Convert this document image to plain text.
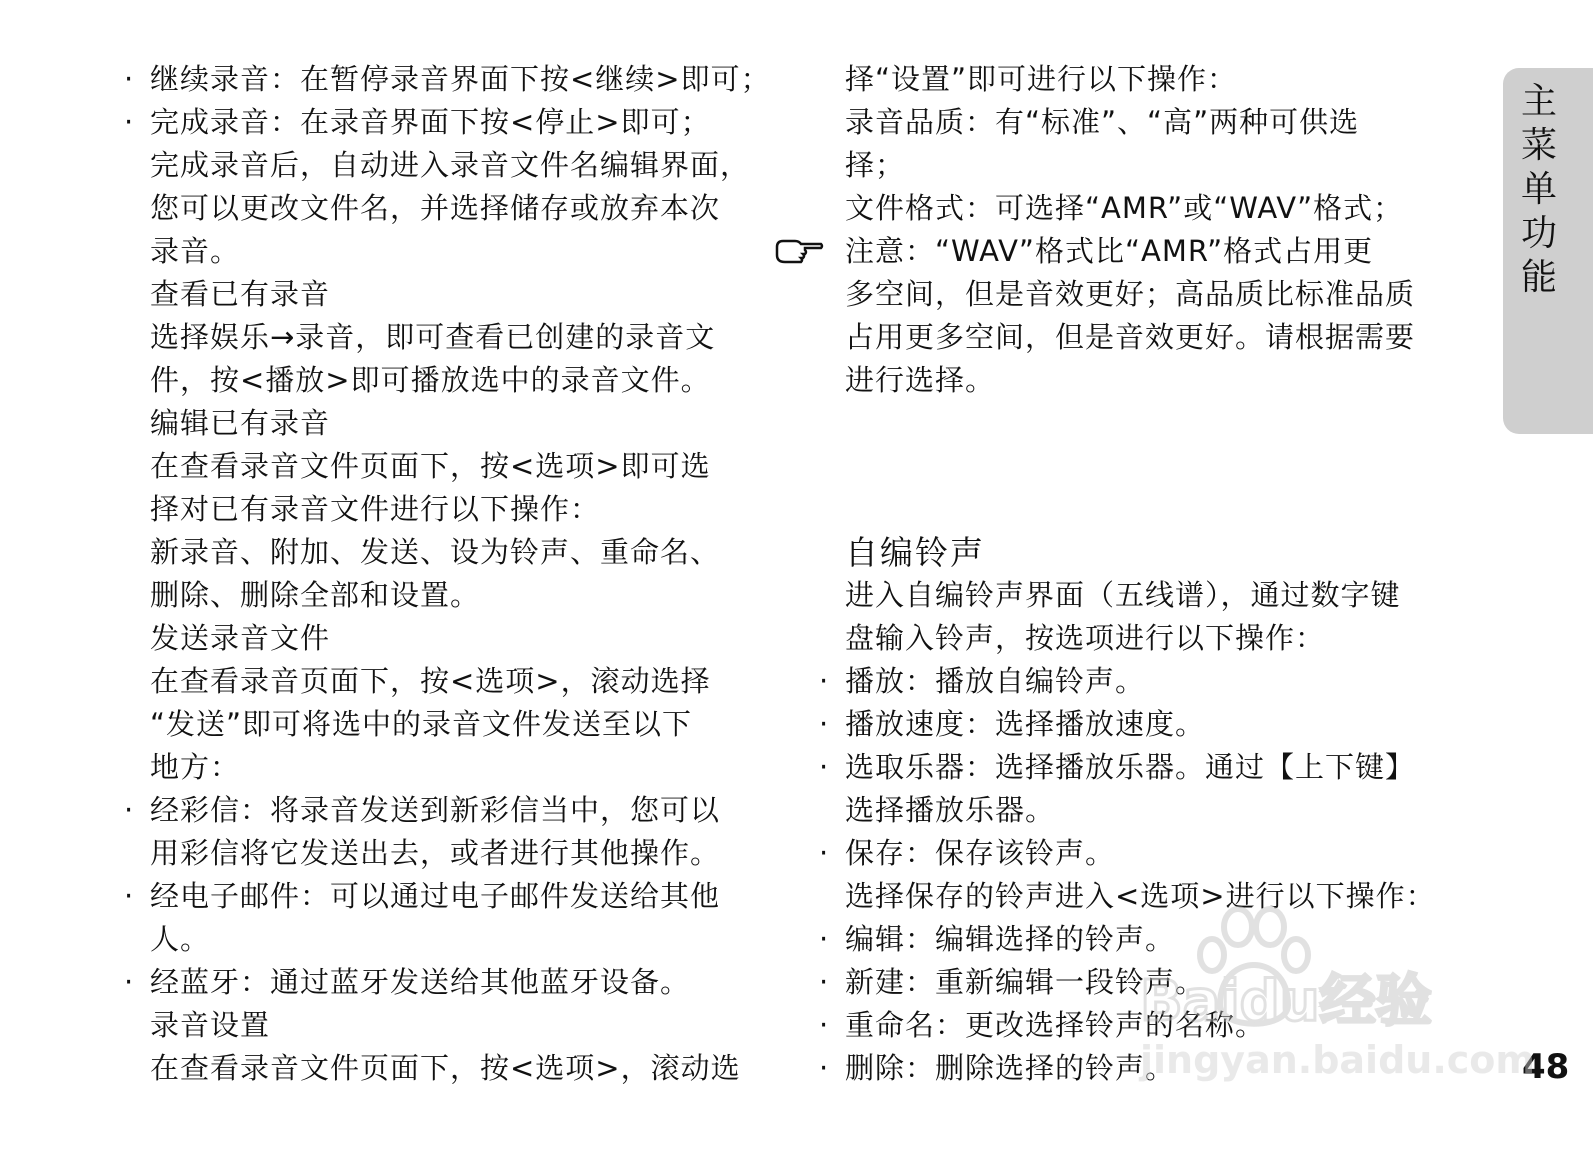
· 继续录音：在暂停录音界面下按<继续>即可；
· 完成录音：在录音界面下按<停止>即可；
完成录音后，自动进入录音文件名编辑界面，
您可以更改文件名，并选择储存或放弃本次
录音。
查看已有录音
选择娱乐→录音，即可查看已创建的录音文
件，按<播放>即可播放选中的录音文件。
编辑已有录音
在查看录音文件页面下，按<选项>即可选
择对已有录音文件进行以下操作：
新录音、附加、发送、设为铃声、重命名、
删除、删除全部和设置。
发送录音文件
在查看录音页面下，按<选项>，滚动选择
“发送”即可将选中的录音文件发送至以下
地方：
· 经彩信：将录音发送到新彩信当中，您可以
用彩信将它发送出去，或者进行其他操作。
· 经电子邮件：可以通过电子邮件发送给其他
人。
· 经蓝牙：通过蓝牙发送给其他蓝牙设备。
录音设置
在查看录音文件页面下，按<选项>，滚动选
择“设置”即可进行以下操作：
录音品质：有“标准”、“高”两种可供选
择；
文件格式：可选择“AMR”或“WAV”格式；
注意：“WAV”格式比“AMR”格式占用更
多空间，但是音效更好；高品质比标准品质
占用更多空间，但是音效更好。请根据需要
进行选择。
自编铃声
进入自编铃声界面（五线谱），通过数字键
盘输入铃声，按选项进行以下操作：
· 播放：播放自编铃声。
· 播放速度：选择播放速度。
· 选取乐器：选择播放乐器。通过【上下键】
选择播放乐器。
· 保存：保存该铃声。
选择保存的铃声进入<选项>进行以下操作：
· 编辑：编辑选择的铃声。
· 新建：重新编辑一段铃声。
· 重命名：更改选择铃声的名称。
· 删除：删除选择的铃声。
主菜单功能
48
Baidu经验
jingyan.baidu.com
